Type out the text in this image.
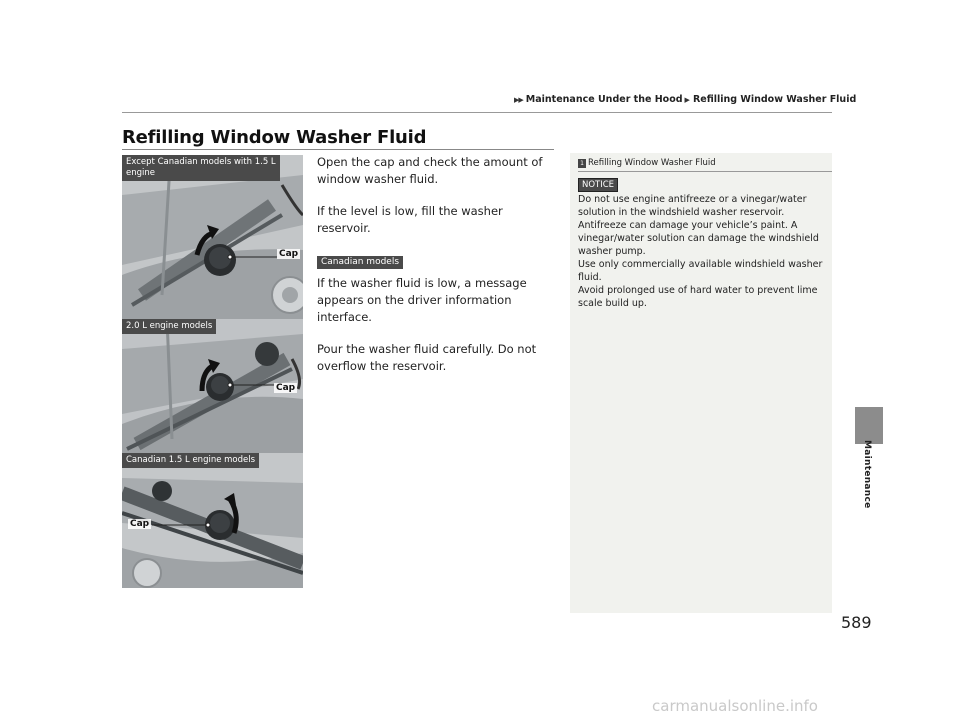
▶▶ Maintenance Under the Hood ▶ Refilling Window Washer Fluid
Refilling Window Washer Fluid
Maintenance
Except Canadian models with 1.5 L engine
Cap
2.0 L engine models
Cap
Canadian 1.5 L engine models
Cap

Open the cap and check the amount of window washer fluid.

If the level is low, fill the washer reservoir.

Canadian models

If the washer fluid is low, a message appears on the driver information interface.

Pour the washer fluid carefully. Do not overflow the reservoir.

1 Refilling Window Washer Fluid
NOTICE
Do not use engine antifreeze or a vinegar/water solution in the windshield washer reservoir.
Antifreeze can damage your vehicle’s paint. A vinegar/water solution can damage the windshield washer pump.
Use only commercially available windshield washer fluid.
Avoid prolonged use of hard water to prevent lime scale build up.
589
carmanualsonline.info
